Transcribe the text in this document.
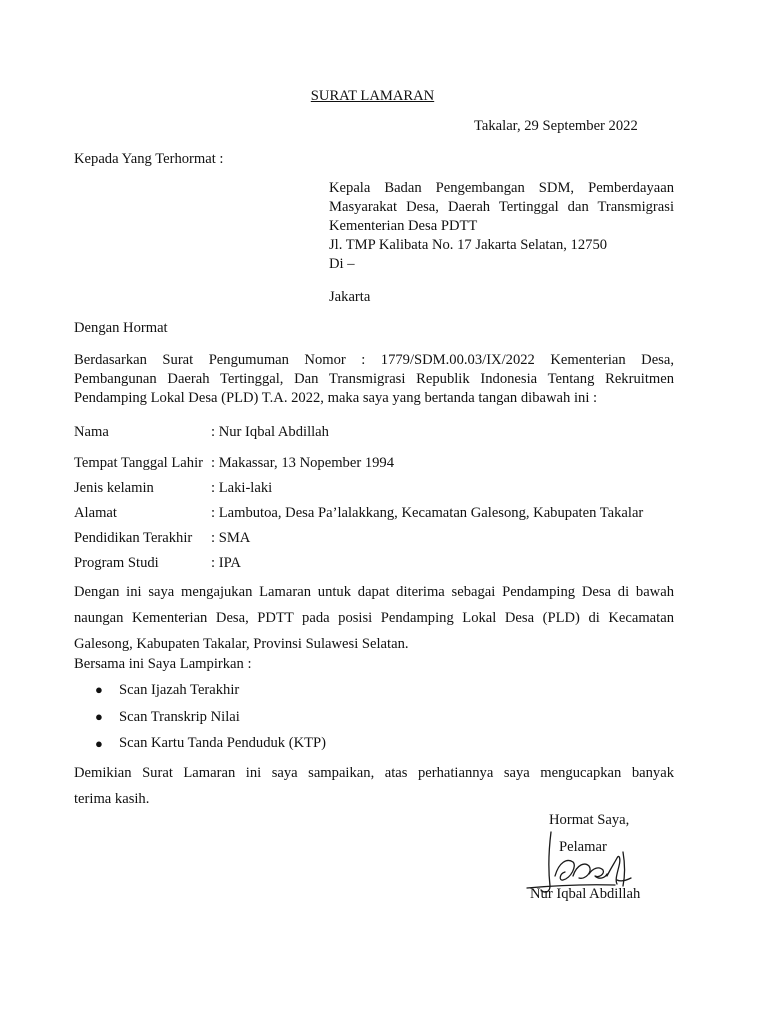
SURAT LAMARAN
Takalar, 29 September 2022
Kepada Yang Terhormat :
Kepala Badan Pengembangan SDM, Pemberdayaan
Masyarakat Desa, Daerah Tertinggal dan Transmigrasi
Kementerian Desa PDTT
Jl. TMP Kalibata No. 17 Jakarta Selatan, 12750
Di –
Jakarta
Dengan Hormat
Berdasarkan Surat Pengumuman Nomor : 1779/SDM.00.03/IX/2022 Kementerian Desa,
Pembangunan Daerah Tertinggal, Dan Transmigrasi Republik Indonesia Tentang Rekruitmen
Pendamping Lokal Desa (PLD) T.A. 2022, maka saya yang bertanda tangan dibawah ini :
Nama	: Nur Iqbal Abdillah
Tempat Tanggal Lahir : Makassar, 13 Nopember 1994
Jenis kelamin	: Laki-laki
Alamat	: Lambutoa, Desa Pa’lalakkang, Kecamatan Galesong, Kabupaten Takalar
Pendidikan Terakhir : SMA
Program Studi	: IPA
Dengan ini saya mengajukan Lamaran untuk dapat diterima sebagai Pendamping Desa di bawah
naungan Kementerian Desa, PDTT pada posisi Pendamping Lokal Desa (PLD) di Kecamatan
Galesong, Kabupaten Takalar, Provinsi Sulawesi Selatan.
Bersama ini Saya Lampirkan :
● Scan Ijazah Terakhir
● Scan Transkrip Nilai
● Scan Kartu Tanda Penduduk (KTP)
Demikian Surat Lamaran ini saya sampaikan, atas perhatiannya saya mengucapkan banyak
terima kasih.
Hormat Saya,
Pelamar
Nur Iqbal Abdillah
